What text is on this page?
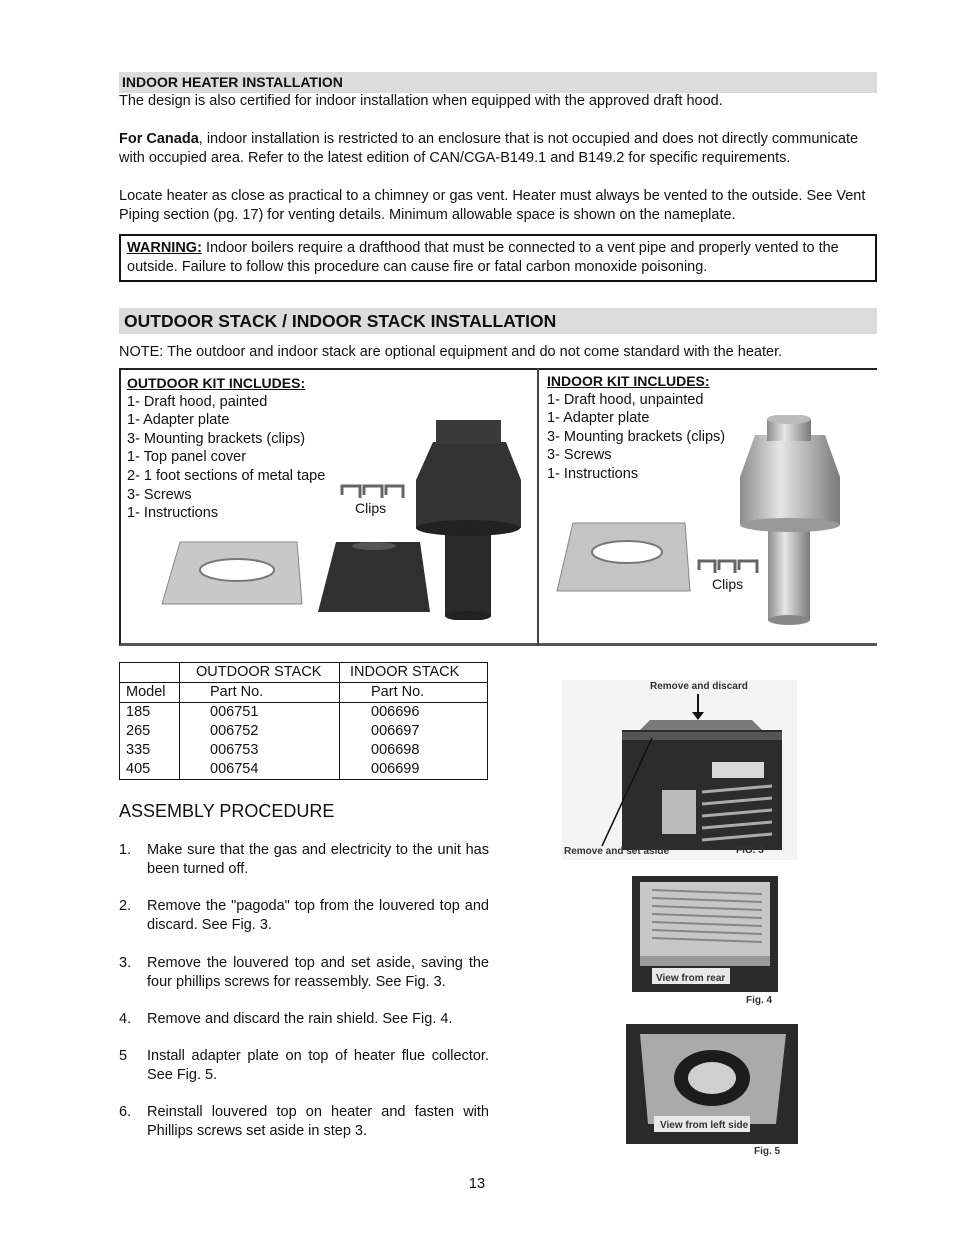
INDOOR HEATER INSTALLATION
The design is also certified for indoor installation when equipped with the approved draft hood.
For Canada, indoor installation is restricted to an enclosure that is not occupied and does not directly communicate with occupied area. Refer to the latest edition of CAN/CGA-B149.1 and B149.2 for specific requirements.
Locate heater as close as practical to a chimney or gas vent. Heater must always be vented to the outside. See Vent Piping section (pg. 17) for venting details. Minimum allowable space is shown on the nameplate.
WARNING: Indoor boilers require a drafthood that must be connected to a vent pipe and properly vented to the outside. Failure to follow this procedure can cause fire or fatal carbon monoxide poisoning.
OUTDOOR STACK / INDOOR STACK INSTALLATION
NOTE: The outdoor and indoor stack are optional equipment and do not come standard with the heater.
OUTDOOR KIT INCLUDES:
1- Draft hood, painted
1- Adapter plate
3- Mounting brackets (clips)
1- Top panel cover
2- 1 foot sections of metal tape
3- Screws
1- Instructions	Clips
INDOOR KIT INCLUDES:
1- Draft hood, unpainted
1- Adapter plate
3- Mounting brackets (clips)
3- Screws
1- Instructions
Clips
	OUTDOOR STACK	INDOOR STACK
Model	Part No.	Part No.
185	006751	006696
265	006752	006697
335	006753	006698
405	006754	006699
ASSEMBLY PROCEDURE
1. Make sure that the gas and electricity to the unit has been turned off.
2. Remove the "pagoda" top from the louvered top and discard. See Fig. 3.
3. Remove the louvered top and set aside, saving the four phillips screws for reassembly. See Fig. 3.
4. Remove and discard the rain shield. See Fig. 4.
5 Install adapter plate on top of heater flue collector. See Fig. 5.
6. Reinstall louvered top on heater and fasten with Phillips screws set aside in step 3.
Remove and discard
Remove and set aside	FIG. 3
View from rear
Fig. 4
View from left side
Fig. 5
13
